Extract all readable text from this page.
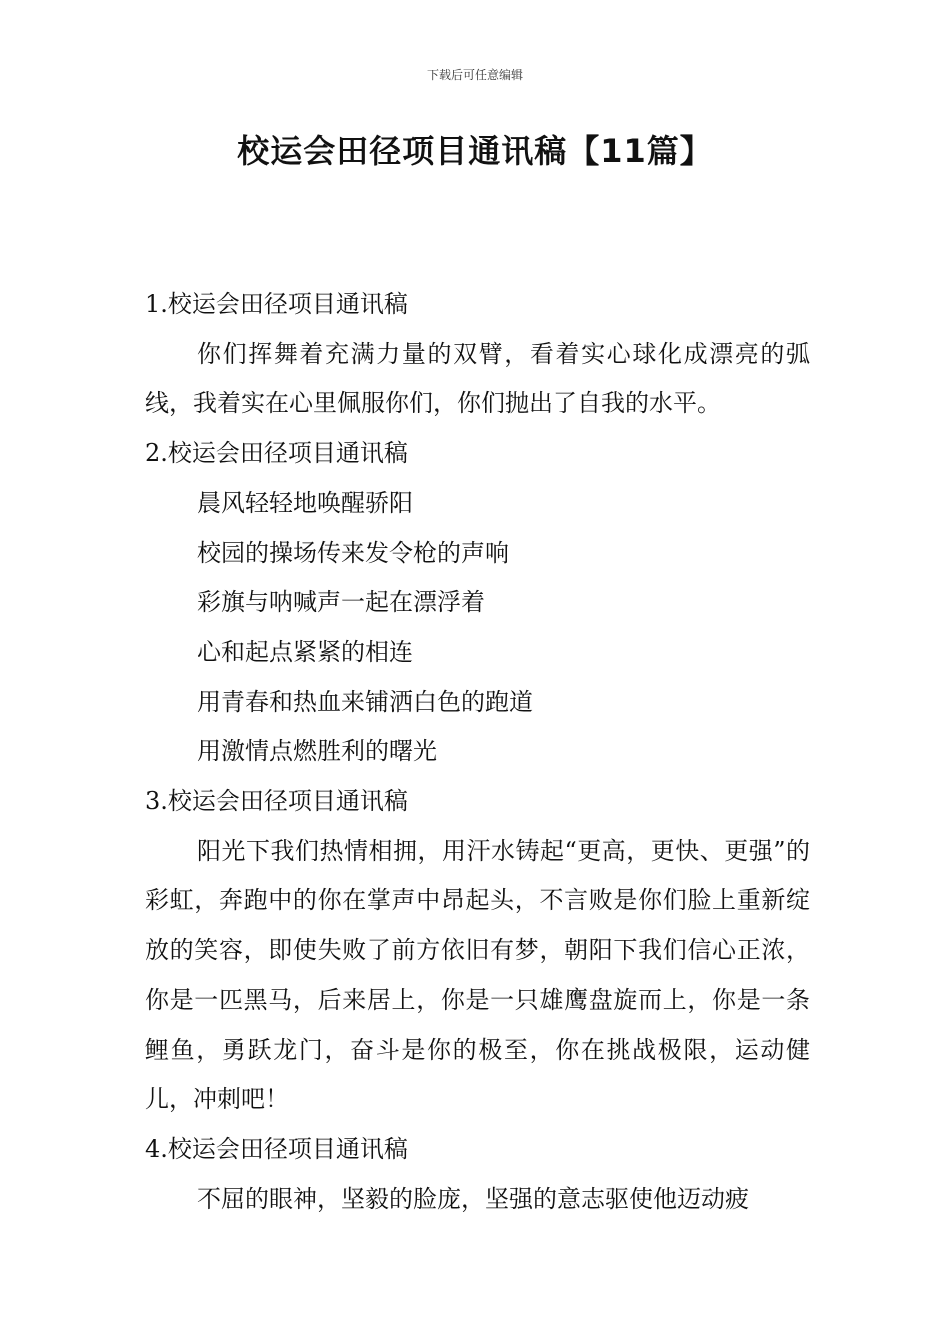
下载后可任意编辑
校运会田径项目通讯稿【11篇】

1.校运会田径项目通讯稿

你们挥舞着充满力量的双臂，看着实心球化成漂亮的弧线，我着实在心里佩服你们，你们抛出了自我的水平。

2.校运会田径项目通讯稿

晨风轻轻地唤醒骄阳

校园的操场传来发令枪的声响

彩旗与呐喊声一起在漂浮着

心和起点紧紧的相连

用青春和热血来铺洒白色的跑道

用激情点燃胜利的曙光

3.校运会田径项目通讯稿

阳光下我们热情相拥，用汗水铸起“更高，更快、更强”的彩虹，奔跑中的你在掌声中昂起头，不言败是你们脸上重新绽放的笑容，即使失败了前方依旧有梦，朝阳下我们信心正浓，你是一匹黑马，后来居上，你是一只雄鹰盘旋而上，你是一条鲤鱼，勇跃龙门，奋斗是你的极至，你在挑战极限，运动健儿，冲刺吧！

4.校运会田径项目通讯稿

不屈的眼神，坚毅的脸庞，坚强的意志驱使他迈动疲
